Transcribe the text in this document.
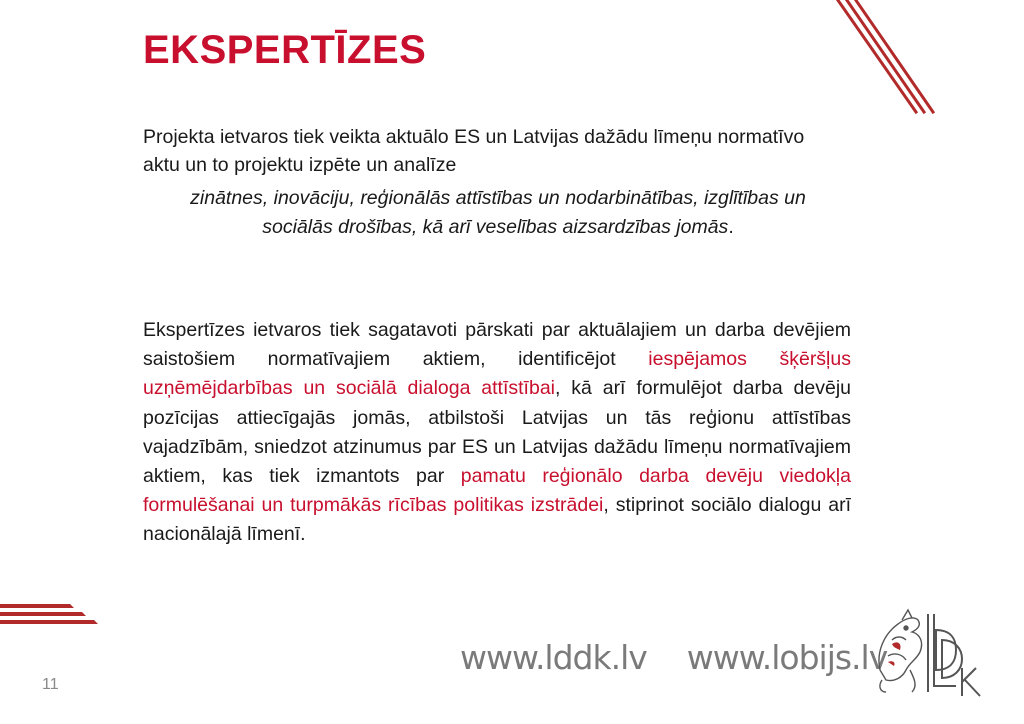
EKSPERTĪZES
Projekta ietvaros tiek veikta aktuālo ES un Latvijas dažādu līmeņu normatīvo aktu un to projektu izpēte un analīze
zinātnes, inovāciju, reģionālās attīstības un nodarbinātības, izglītības un sociālās drošības, kā arī veselības aizsardzības jomās.
Ekspertīzes ietvaros tiek sagatavoti pārskati par aktuālajiem un darba devējiem saistošiem normatīvajiem aktiem, identificējot iespējamos šķēršļus uzņēmējdarbības un sociālā dialoga attīstībai, kā arī formulējot darba devēju pozīcijas attiecīgajās jomās, atbilstoši Latvijas un tās reģionu attīstības vajadzībām, sniedzot atzinumus par ES un Latvijas dažādu līmeņu normatīvajiem aktiem, kas tiek izmantots par pamatu reģionālo darba devēju viedokļa formulēšanai un turpmākās rīcības politikas izstrādei, stiprinot sociālo dialogu arī nacionālajā līmenī.
www.lddk.lv www.lobijs.lv
11
